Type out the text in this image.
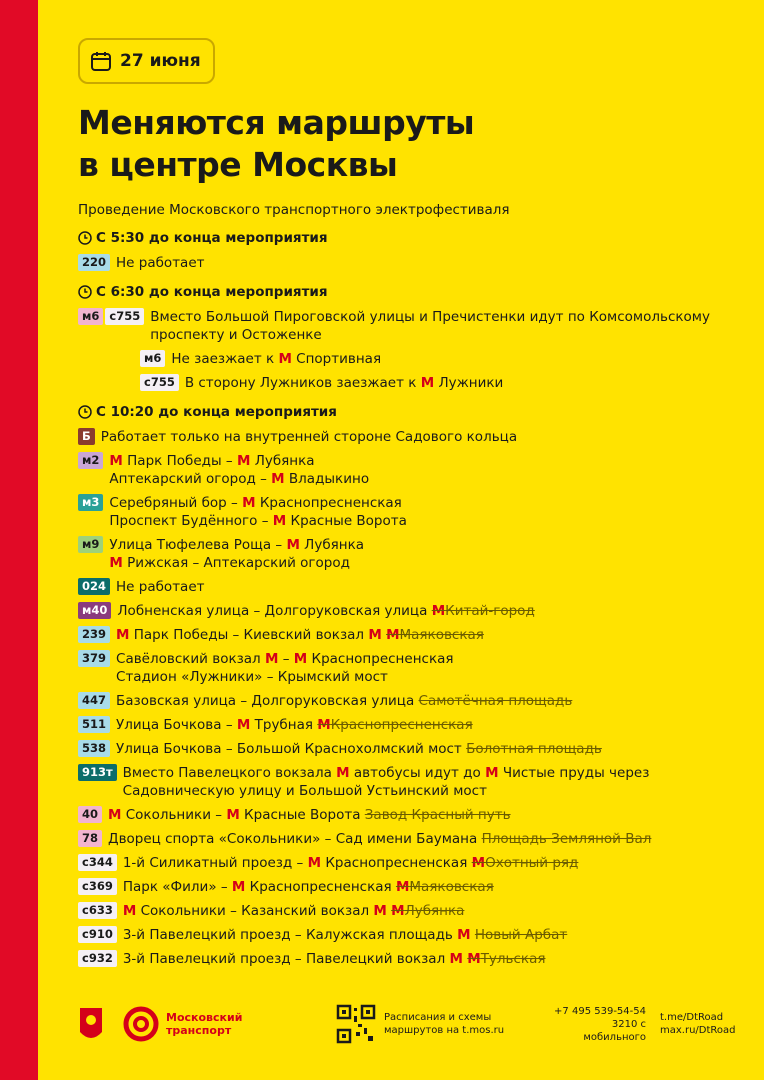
27 июня
Меняются маршруты
в центре Москвы
Проведение Московского транспортного электрофестиваля
С 5:30 до конца мероприятия
220 Не работает
С 6:30 до конца мероприятия
м6 с755 Вместо Большой Пироговской улицы и Пречистенки идут по Комсомольскому проспекту и Остоженке
м6 Не заезжает к М Спортивная
с755 В сторону Лужников заезжает к М Лужники
С 10:20 до конца мероприятия
Б Работает только на внутренней стороне Садового кольца
м2 М Парк Победы – М Лубянка
Аптекарский огород – М Владыкино
м3 Серебряный бор – М Краснопресненская
Проспект Будённого – М Красные Ворота
м9 Улица Тюфелева Роща – М Лубянка
М Рижская – Аптекарский огород
024 Не работает
м40 Лобненская улица – Долгоруковская улица МКитай-город
239 М Парк Победы – Киевский вокзал М ММаяковская
379 Савёловский вокзал М – М Краснопресненская
Стадион «Лужники» – Крымский мост
447 Базовская улица – Долгоруковская улица Самотёчная площадь
511 Улица Бочкова – М Трубная МКраснопресненская
538 Улица Бочкова – Большой Краснохолмский мост Болотная площадь
913т Вместо Павелецкого вокзала М автобусы идут до М Чистые пруды через Садовническую улицу и Большой Устьинский мост
40 М Сокольники – М Красные Ворота Завод Красный путь
78 Дворец спорта «Сокольники» – Сад имени Баумана Площадь Земляной Вал
с344 1-й Силикатный проезд – М Краснопресненская МОхотный ряд
с369 Парк «Фили» – М Краснопресненская ММаяковская
с633 М Сокольники – Казанский вокзал М МЛубянка
с910 3-й Павелецкий проезд – Калужская площадь М Новый Арбат
с932 3-й Павелецкий проезд – Павелецкий вокзал М МТульская
Московский
транспорт
Расписания и схемы
маршрутов на t.mos.ru
+7 495 539-54-54
3210 с мобильного
t.me/DtRoad
max.ru/DtRoad
